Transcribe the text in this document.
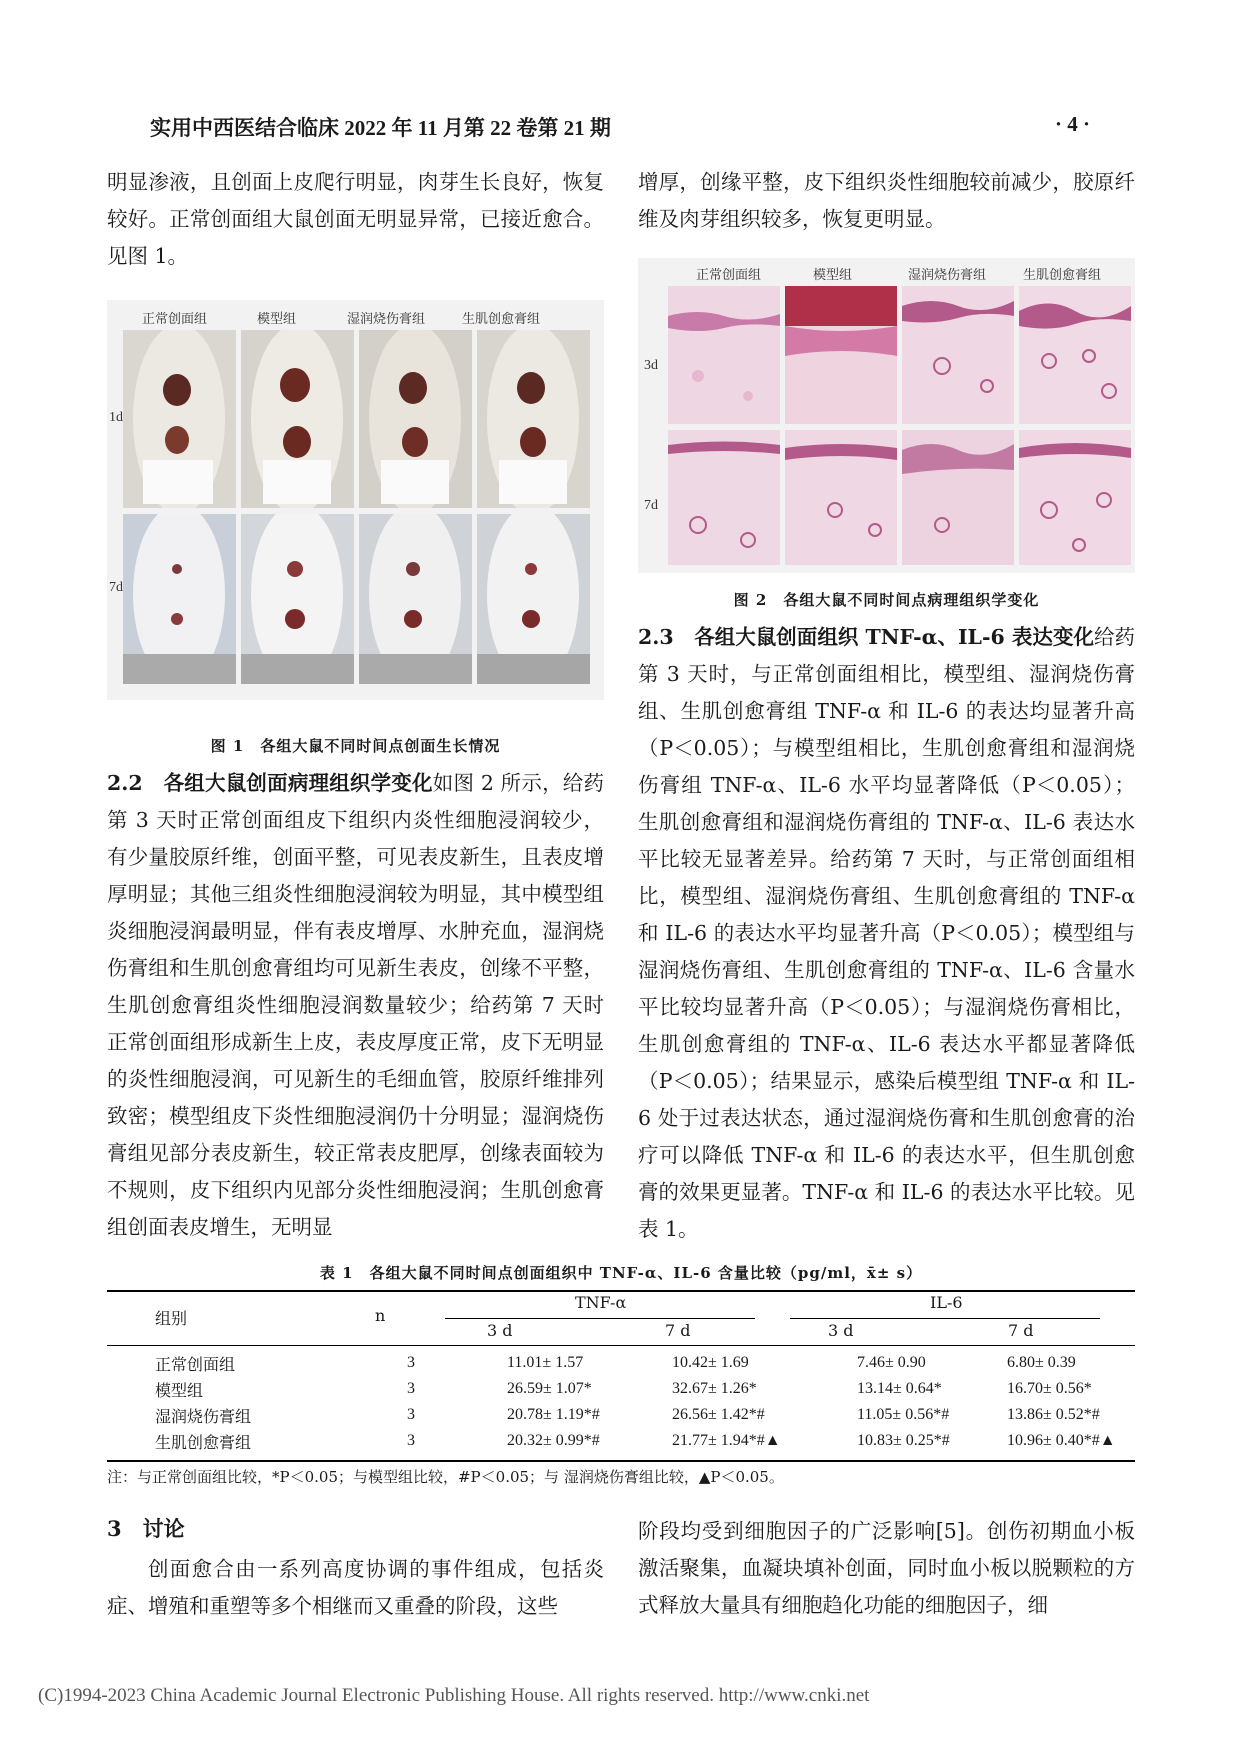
实用中西医结合临床 2022 年 11 月第 22 卷第 21 期	· 4 ·

明显渗液，且创面上皮爬行明显，肉芽生长良好，恢复较好。正常创面组大鼠创面无明显异常，已接近愈合。见图 1。

正常创面组	模型组	湿润烧伤膏组	生肌创愈膏组
1d
7d
图 1　各组大鼠不同时间点创面生长情况

2.2　各组大鼠创面病理组织学变化如图 2 所示，给药第 3 天时正常创面组皮下组织内炎性细胞浸润较少，有少量胶原纤维，创面平整，可见表皮新生，且表皮增厚明显；其他三组炎性细胞浸润较为明显，其中模型组炎细胞浸润最明显，伴有表皮增厚、水肿充血，湿润烧伤膏组和生肌创愈膏组均可见新生表皮，创缘不平整，生肌创愈膏组炎性细胞浸润数量较少；给药第 7 天时正常创面组形成新生上皮，表皮厚度正常，皮下无明显的炎性细胞浸润，可见新生的毛细血管，胶原纤维排列致密；模型组皮下炎性细胞浸润仍十分明显；湿润烧伤膏组见部分表皮新生，较正常表皮肥厚，创缘表面较为不规则，皮下组织内见部分炎性细胞浸润；生肌创愈膏组创面表皮增生，无明显

增厚，创缘平整，皮下组织炎性细胞较前减少，胶原纤维及肉芽组织较多，恢复更明显。

正常创面组	模型组	湿润烧伤膏组	生肌创愈膏组
3d
7d
图 2　各组大鼠不同时间点病理组织学变化

2.3　各组大鼠创面组织 TNF-α、IL-6 表达变化给药第 3 天时，与正常创面组相比，模型组、湿润烧伤膏组、生肌创愈膏组 TNF-α 和 IL-6 的表达均显著升高（P＜0.05）；与模型组相比，生肌创愈膏组和湿润烧伤膏组 TNF-α、IL-6 水平均显著降低（P＜0.05）；生肌创愈膏组和湿润烧伤膏组的 TNF-α、IL-6 表达水平比较无显著差异。给药第 7 天时，与正常创面组相比，模型组、湿润烧伤膏组、生肌创愈膏组的 TNF-α 和 IL-6 的表达水平均显著升高（P＜0.05）；模型组与湿润烧伤膏组、生肌创愈膏组的 TNF-α、IL-6 含量水平比较均显著升高（P＜0.05）；与湿润烧伤膏相比，生肌创愈膏组的 TNF-α、IL-6 表达水平都显著降低（P＜0.05）；结果显示，感染后模型组 TNF-α 和 IL-6 处于过表达状态，通过湿润烧伤膏和生肌创愈膏的治疗可以降低 TNF-α 和 IL-6 的表达水平，但生肌创愈膏的效果更显著。TNF-α 和 IL-6 的表达水平比较。见表 1。

表 1　各组大鼠不同时间点创面组织中 TNF-α、IL-6 含量比较（pg/ml，x̄± s）
组别	n
TNF-α	IL-6
3 d	7 d	3 d	7 d
正常创面组	3	11.01± 1.57	10.42± 1.69	7.46± 0.90	6.80± 0.39
模型组	3	26.59± 1.07*	32.67± 1.26*	13.14± 0.64*	16.70± 0.56*
湿润烧伤膏组	3	20.78± 1.19*#	26.56± 1.42*#	11.05± 0.56*#	13.86± 0.52*#
生肌创愈膏组	3	20.32± 0.99*#	21.77± 1.94*#▲	10.83± 0.25*#	10.96± 0.40*#▲
注：与正常创面组比较，*P＜0.05；与模型组比较，#P＜0.05；与 湿润烧伤膏组比较，▲P＜0.05。
3　讨论

创面愈合由一系列高度协调的事件组成，包括炎症、增殖和重塑等多个相继而又重叠的阶段，这些

阶段均受到细胞因子的广泛影响[5]。创伤初期血小板激活聚集，血凝块填补创面，同时血小板以脱颗粒的方式释放大量具有细胞趋化功能的细胞因子，细

(C)1994-2023 China Academic Journal Electronic Publishing House. All rights reserved. http://www.cnki.net
